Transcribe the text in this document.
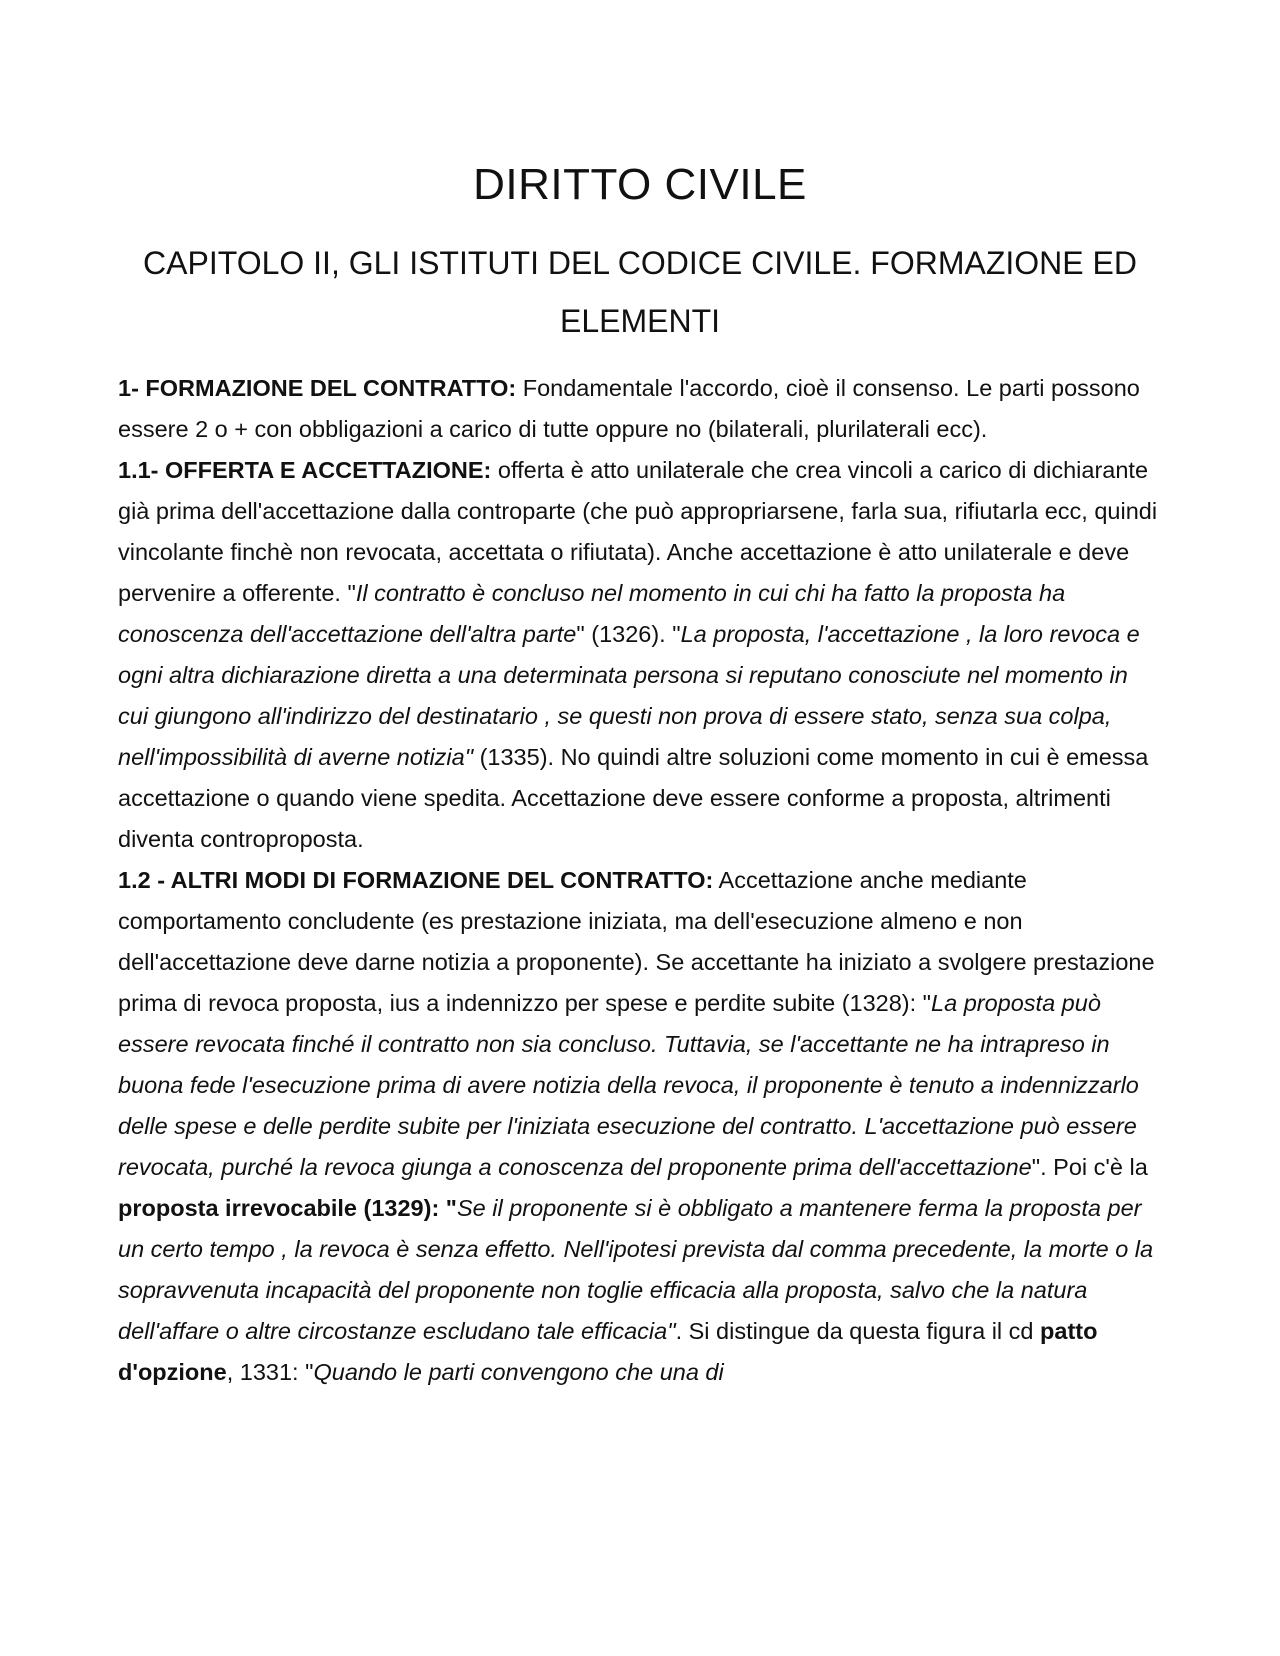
DIRITTO CIVILE
CAPITOLO II, GLI ISTITUTI DEL CODICE CIVILE. FORMAZIONE ED ELEMENTI

1- FORMAZIONE DEL CONTRATTO: Fondamentale l'accordo, cioè il consenso. Le parti possono essere 2 o + con obbligazioni a carico di tutte oppure no (bilaterali, plurilaterali ecc).

1.1- OFFERTA E ACCETTAZIONE: offerta è atto unilaterale che crea vincoli a carico di dichiarante già prima dell'accettazione dalla controparte (che può appropriarsene, farla sua, rifiutarla ecc, quindi vincolante finchè non revocata, accettata o rifiutata). Anche accettazione è atto unilaterale e deve pervenire a offerente. "Il contratto è concluso nel momento in cui chi ha fatto la proposta ha conoscenza dell'accettazione dell'altra parte" (1326). "La proposta, l'accettazione , la loro revoca e ogni altra dichiarazione diretta a una determinata persona si reputano conosciute nel momento in cui giungono all'indirizzo del destinatario , se questi non prova di essere stato, senza sua colpa, nell'impossibilità di averne notizia" (1335). No quindi altre soluzioni come momento in cui è emessa accettazione o quando viene spedita. Accettazione deve essere conforme a proposta, altrimenti diventa controproposta.

1.2 - ALTRI MODI DI FORMAZIONE DEL CONTRATTO: Accettazione anche mediante comportamento concludente (es prestazione iniziata, ma dell'esecuzione almeno e non dell'accettazione deve darne notizia a proponente). Se accettante ha iniziato a svolgere prestazione prima di revoca proposta, ius a indennizzo per spese e perdite subite (1328): "La proposta può essere revocata finché il contratto non sia concluso. Tuttavia, se l'accettante ne ha intrapreso in buona fede l'esecuzione prima di avere notizia della revoca, il proponente è tenuto a indennizzarlo delle spese e delle perdite subite per l'iniziata esecuzione del contratto. L'accettazione può essere revocata, purché la revoca giunga a conoscenza del proponente prima dell'accettazione". Poi c'è la proposta irrevocabile (1329): "Se il proponente si è obbligato a mantenere ferma la proposta per un certo tempo , la revoca è senza effetto. Nell'ipotesi prevista dal comma precedente, la morte o la sopravvenuta incapacità del proponente non toglie efficacia alla proposta, salvo che la natura dell'affare o altre circostanze escludano tale efficacia". Si distingue da questa figura il cd patto d'opzione, 1331: "Quando le parti convengono che una di
